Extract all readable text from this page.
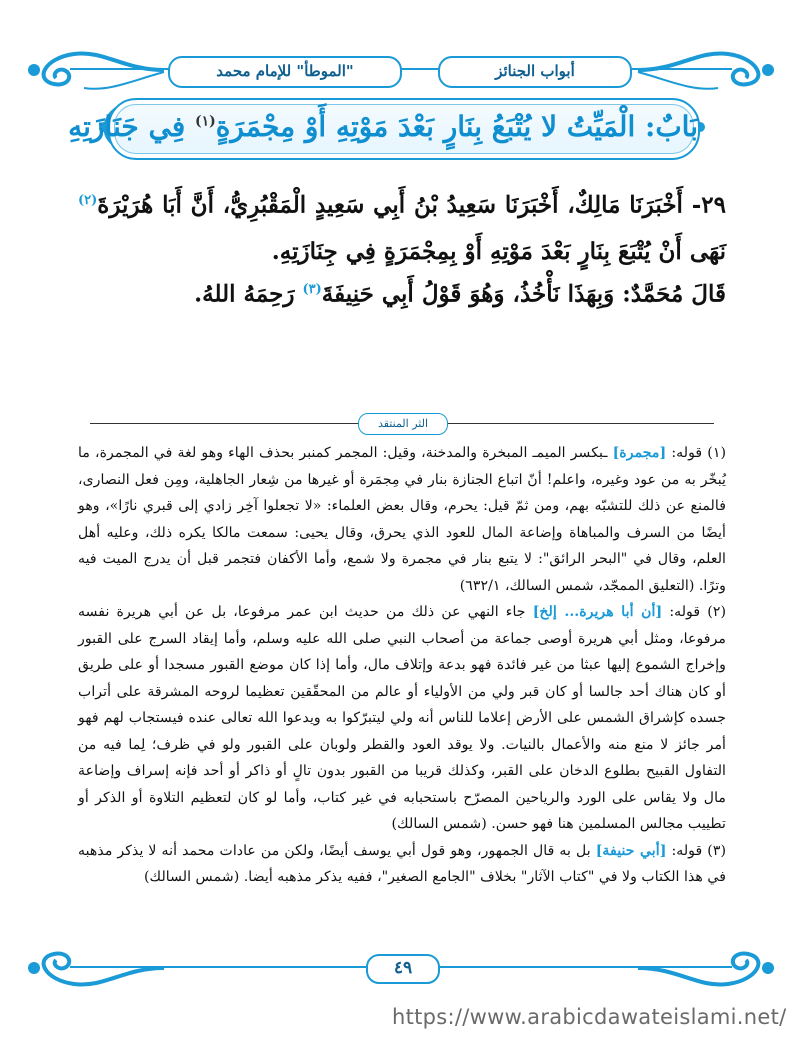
"الموطأ" للإمام محمد	أبواب الجنائز
بَابٌ: الْمَيِّتُ لا يُتْبَعُ بِنَارٍ بَعْدَ مَوْتِهِ أَوْ مِجْمَرَةٍ$^{(١)}$ فِي جَنَازَتِهِ
٢٩- أَخْبَرَنَا مَالِكٌ، أَخْبَرَنَا سَعِيدُ بْنُ أَبِي سَعِيدٍ الْمَقْبُرِيُّ، أَنَّ أَبَا هُرَيْرَةَ$^{(٢)}$ نَهَى أَنْ يُتْبَعَ بِنَارٍ بَعْدَ مَوْتِهِ أَوْ بِمِجْمَرَةٍ فِي جِنَازَتِهِ.
قَالَ مُحَمَّدٌ: وَبِهَذَا نَأْخُذُ، وَهُوَ قَوْلُ أَبِي حَنِيفَةَ$^{(٣)}$ رَحِمَهُ اللهُ.
الثر المنتقد

(١) قوله: [مجمرة] ـبكسر الميمـ المبخرة والمدخنة، وقيل: المجمر كمنبر بحذف الهاء وهو لغة في المجمرة، ما يُبخّر به من عود وغيره، واعلم! أنّ اتباع الجنازة بنار في مِجمَرة أو غيرها من شِعار الجاهلية، ومِن فعل النصارى، فالمنع عن ذلك للتشبّه بهم، ومن ثمّ قيل: يحرم، وقال بعض العلماء: «لا تجعلوا آخِر زادي إلى قبري نارًا»، وهو أيضًا من السرف والمباهاة وإضاعة المال للعود الذي يحرق، وقال يحيى: سمعت مالكا يكره ذلك، وعليه أهل العلم، وقال في "البحر الرائق": لا يتبع بنار في مجمرة ولا شمع، وأما الأكفان فتجمر قبل أن يدرج الميت فيه وترًا. (التعليق الممجّد، شمس السالك، ٦٣٢/١)

(٢) قوله: [أن أبا هريرة... إلخ] جاء النهي عن ذلك من حديث ابن عمر مرفوعا، بل عن أبي هريرة نفسه مرفوعا، ومثل أبي هريرة أوصى جماعة من أصحاب النبي صلى الله عليه وسلم، وأما إيقاد السرج على القبور وإخراج الشموع إليها عبثا من غير فائدة فهو بدعة وإتلاف مال، وأما إذا كان موضع القبور مسجدا أو على طريق أو كان هناك أحد جالسا أو كان قبر ولي من الأولياء أو عالم من المحقّقين تعظيما لروحه المشرقة على أتراب جسده كإشراق الشمس على الأرض إعلاما للناس أنه ولي ليتبرّكوا به ويدعوا الله تعالى عنده فيستجاب لهم فهو أمر جائز لا منع منه والأعمال بالنيات. ولا يوقد العود والقطر ولوبان على القبور ولو في ظرف؛ لِما فيه من التفاول القبيح بطلوع الدخان على القبر، وكذلك قريبا من القبور بدون تالٍ أو ذاكر أو أحد فإنه إسراف وإضاعة مال ولا يقاس على الورد والرياحين المصرّح باستحبابه في غير كتاب، وأما لو كان لتعظيم التلاوة أو الذكر أو تطييب مجالس المسلمين هنا فهو حسن. (شمس السالك)

(٣) قوله: [أبي حنيفة] بل به قال الجمهور، وهو قول أبي يوسف أيضًا، ولكن من عادات محمد أنه لا يذكر مذهبه في هذا الكتاب ولا في "كتاب الآثار" بخلاف "الجامع الصغير"، ففيه يذكر مذهبه أيضا. (شمس السالك)

٤٩
https://www.arabicdawateislami.net/
